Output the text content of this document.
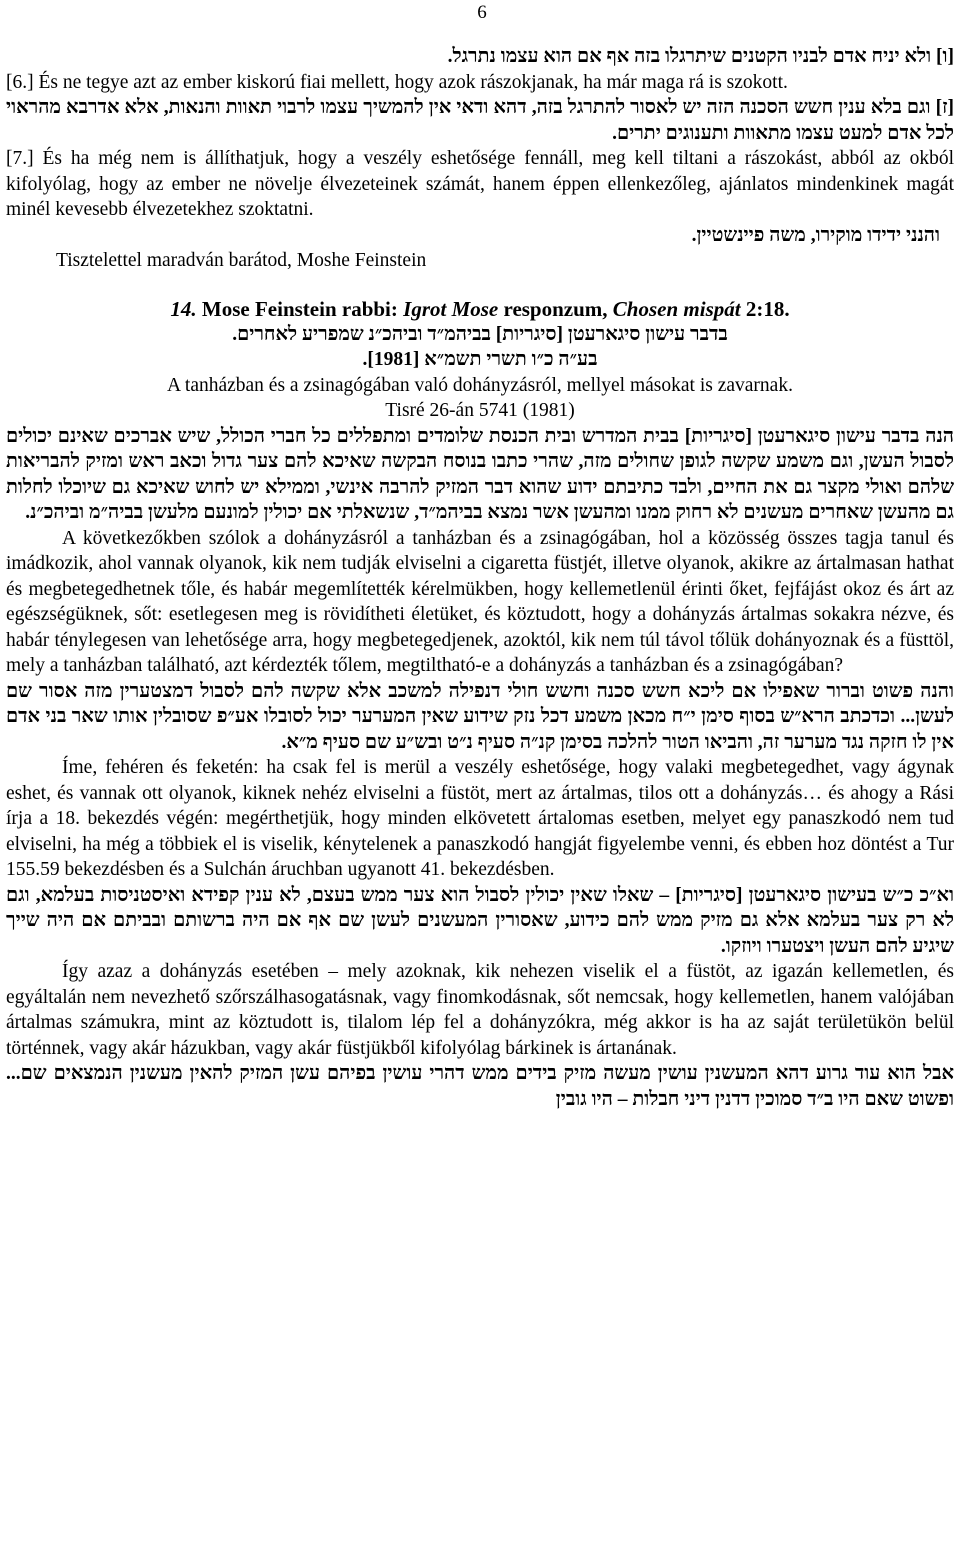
6

[ו] ולא יניח אדם לבניו הקטנים שיתרגלו בזה אף אם הוא עצמו נתרגל.

[6.] És ne tegye azt az ember kiskorú fiai mellett, hogy azok rászokjanak, ha már maga rá is szokott.

[ז] וגם בלא ענין חשש הסכנה הזה יש לאסור להתרגל בזה, דהא ודאי אין להמשיך עצמו לרבוי תאוות והנאות, אלא אדרבא מהראוי לכל אדם למעט עצמו מתאוות ותענוגים יתרים.

[7.] És ha még nem is állíthatjuk, hogy a veszély eshetősége fennáll, meg kell tiltani a rászokást, abból az okból kifolyólag, hogy az ember ne növelje élvezeteinek számát, hanem éppen ellenkezőleg, ajánlatos mindenkinek magát minél kevesebb élvezetekhez szoktatni.

והנני ידידו מוקירו, משה פיינשטיין.

Tisztelettel maradván barátod, Moshe Feinstein

14. Mose Feinstein rabbi: Igrot Mose responzum, Chosen mispát 2:18.

בדבר עישון סיגארעטן [סיגריות] בביהמ״ד וביהכ״נ שמפריע לאחרים.

בע״ה כ״ו תשרי תשמ״א [1981].

A tanházban és a zsinagógában való dohányzásról, mellyel másokat is zavarnak.

Tisré 26-án 5741 (1981)

הנה בדבר עישון סיגארעטן [סיגריות] בבית המדרש ובית הכנסת שלומדים ומתפללים כל חברי הכולל, שיש אברכים שאינם יכולים לסבול העשן, וגם משמע שקשה לגופן שחולים מזה, שהרי כתבו בנוסח הבקשה שאיכא להם צער גדול וכאב ראש ומזיק להבריאות שלהם ואולי מקצר גם את החיים, ולבד כתיבתם ידוע שהוא דבר המזיק להרבה אינשי, וממילא יש לחוש שאיכא גם שיוכלו לחלות גם מהעשן שאחרים מעשנים לא רחוק ממנו ומהעשן אשר נמצא בביהמ״ד, שנשאלתי אם יכולין למונעם מלעשן בביה״מ וביהכ״נ.

A következőkben szólok a dohányzásról a tanházban és a zsinagógában, hol a közösség összes tagja tanul és imádkozik, ahol vannak olyanok, kik nem tudják elviselni a cigaretta füstjét, illetve olyanok, akikre az ártalmasan hathat és megbetegedhetnek tőle, és habár megemlítették kérelmükben, hogy kellemetlenül érinti őket, fejfájást okoz és árt az egészségüknek, sőt: esetlegesen meg is rövidítheti életüket, és köztudott, hogy a dohányzás ártalmas sokakra nézve, és habár ténylegesen van lehetősége arra, hogy megbetegedjenek, azoktól, kik nem túl távol tőlük dohányoznak és a füsttöl, mely a tanházban található, azt kérdezték tőlem, megtiltható-e a dohányzás a tanházban és a zsinagógában?

והנה פשוט וברור שאפילו אם ליכא חשש סכנה וחשש חולי דנפילה למשכב אלא שקשה להם לסבול דמצטערין מזה אסור שם לעשן... וכדכתב הרא״ש בסוף סימן י״ח מכאן משמע דכל נזק שידוע שאין המערער יכול לסובלו אע״פ שסובלין אותו שאר בני אדם אין לו חזקה נגד מערער זה, והביאו הטור להלכה בסימן קנ״ה סעיף נ״ט ובש״ע שם סעיף מ״א.

Íme, fehéren és feketén: ha csak fel is merül a veszély eshetősége, hogy valaki megbetegedhet, vagy ágynak eshet, és vannak ott olyanok, kiknek nehéz elviselni a füstöt, mert az ártalmas, tilos ott a dohányzás… és ahogy a Rási írja a 18. bekezdés végén: megérthetjük, hogy minden elkövetett ártalomas esetben, melyet egy panaszkodó nem tud elviselni, ha még a többiek el is viselik, kénytelenek a panaszkodó hangját figyelembe venni, és ebben hoz döntést a Tur 155.59 bekezdésben és a Sulchán áruchban ugyanott 41. bekezdésben.

וא״כ כ״ש בעישון סיגארעטן [סיגריות] – שאלו שאין יכולין לסבול הוא צער ממש בעצם, לא ענין קפידא ואיסטניסות בעלמא, וגם לא רק צער בעלמא אלא גם מזיק ממש להם כידוע, שאסורין המעשנים לעשן שם אף אם היה ברשותם ובביתם אם היה שייך שיגיע להם העשן ויצטערו ויוזקו.

Így azaz a dohányzás esetében – mely azoknak, kik nehezen viselik el a füstöt, az igazán kellemetlen, és egyáltalán nem nevezhető szőrszálhasogatásnak, vagy finomkodásnak, sőt nemcsak, hogy kellemetlen, hanem valójában ártalmas számukra, mint az köztudott is, tilalom lép fel a dohányzókra, még akkor is ha az saját területükön belül történnek, vagy akár házukban, vagy akár füstjükből kifolyólag bárkinek is ártanának.

אבל הוא עוד גרוע דהא המעשנין עושין מעשה מזיק בידים ממש דהרי עושין בפיהם עשן המזיק להאין מעשנין הנמצאים שם... ופשוט שאם היו ב״ד סמוכין דדנין דיני חבלות – היו גובין
